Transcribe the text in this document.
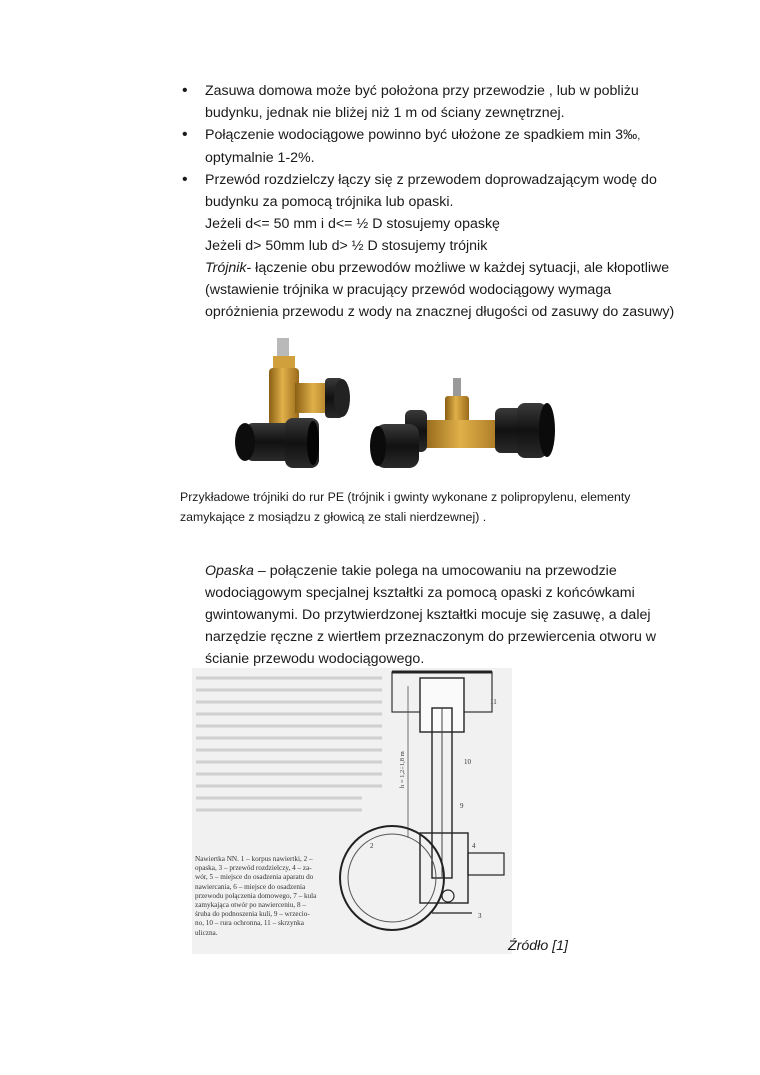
• Zasuwa domowa może być położona przy przewodzie , lub w pobliżu
budynku, jednak nie bliżej niż 1 m od ściany zewnętrznej.
• Połączenie wodociągowe powinno być ułożone ze spadkiem min 3‰,
optymalnie 1-2%.
• Przewód rozdzielczy łączy się z przewodem doprowadzającym wodę do
budynku za pomocą trójnika lub opaski.
Jeżeli d<= 50 mm i d<= ½ D stosujemy opaskę
Jeżeli d> 50mm lub d> ½ D stosujemy trójnik
Trójnik- łączenie obu przewodów możliwe w każdej sytuacji, ale kłopotliwe
(wstawienie trójnika w pracujący przewód wodociągowy wymaga
opróżnienia przewodu z wody na znacznej długości od zasuwy do zasuwy)
Przykładowe trójniki do rur PE (trójnik i gwinty wykonane z polipropylenu, elementy
zamykające z mosiądzu z głowicą ze stali nierdzewnej) .
Opaska – połączenie takie polega na umocowaniu na przewodzie
wodociągowym specjalnej kształtki za pomocą opaski z końcówkami
gwintowanymi. Do przytwierdzonej kształtki mocuje się zasuwę, a dalej
narzędzie ręczne z wiertłem przeznaczonym do przewiercenia otworu w
ścianie przewodu wodociągowego.
11
10
9
2	4
3
h = 1,2÷1,8 m
Nawiertka NN. 1 – korpus nawiertki, 2 –
opaska, 3 – przewód rozdzielczy, 4 – za-
wór, 5 – miejsce do osadzenia aparatu do
nawiercania, 6 – miejsce do osadzenia
przewodu połączenia domowego, 7 – kula
zamykająca otwór po nawierceniu, 8 –
śruba do podnoszenia kuli, 9 – wrzecio-
no, 10 – rura ochronna, 11 – skrzynka
uliczna.
Źródło [1]
